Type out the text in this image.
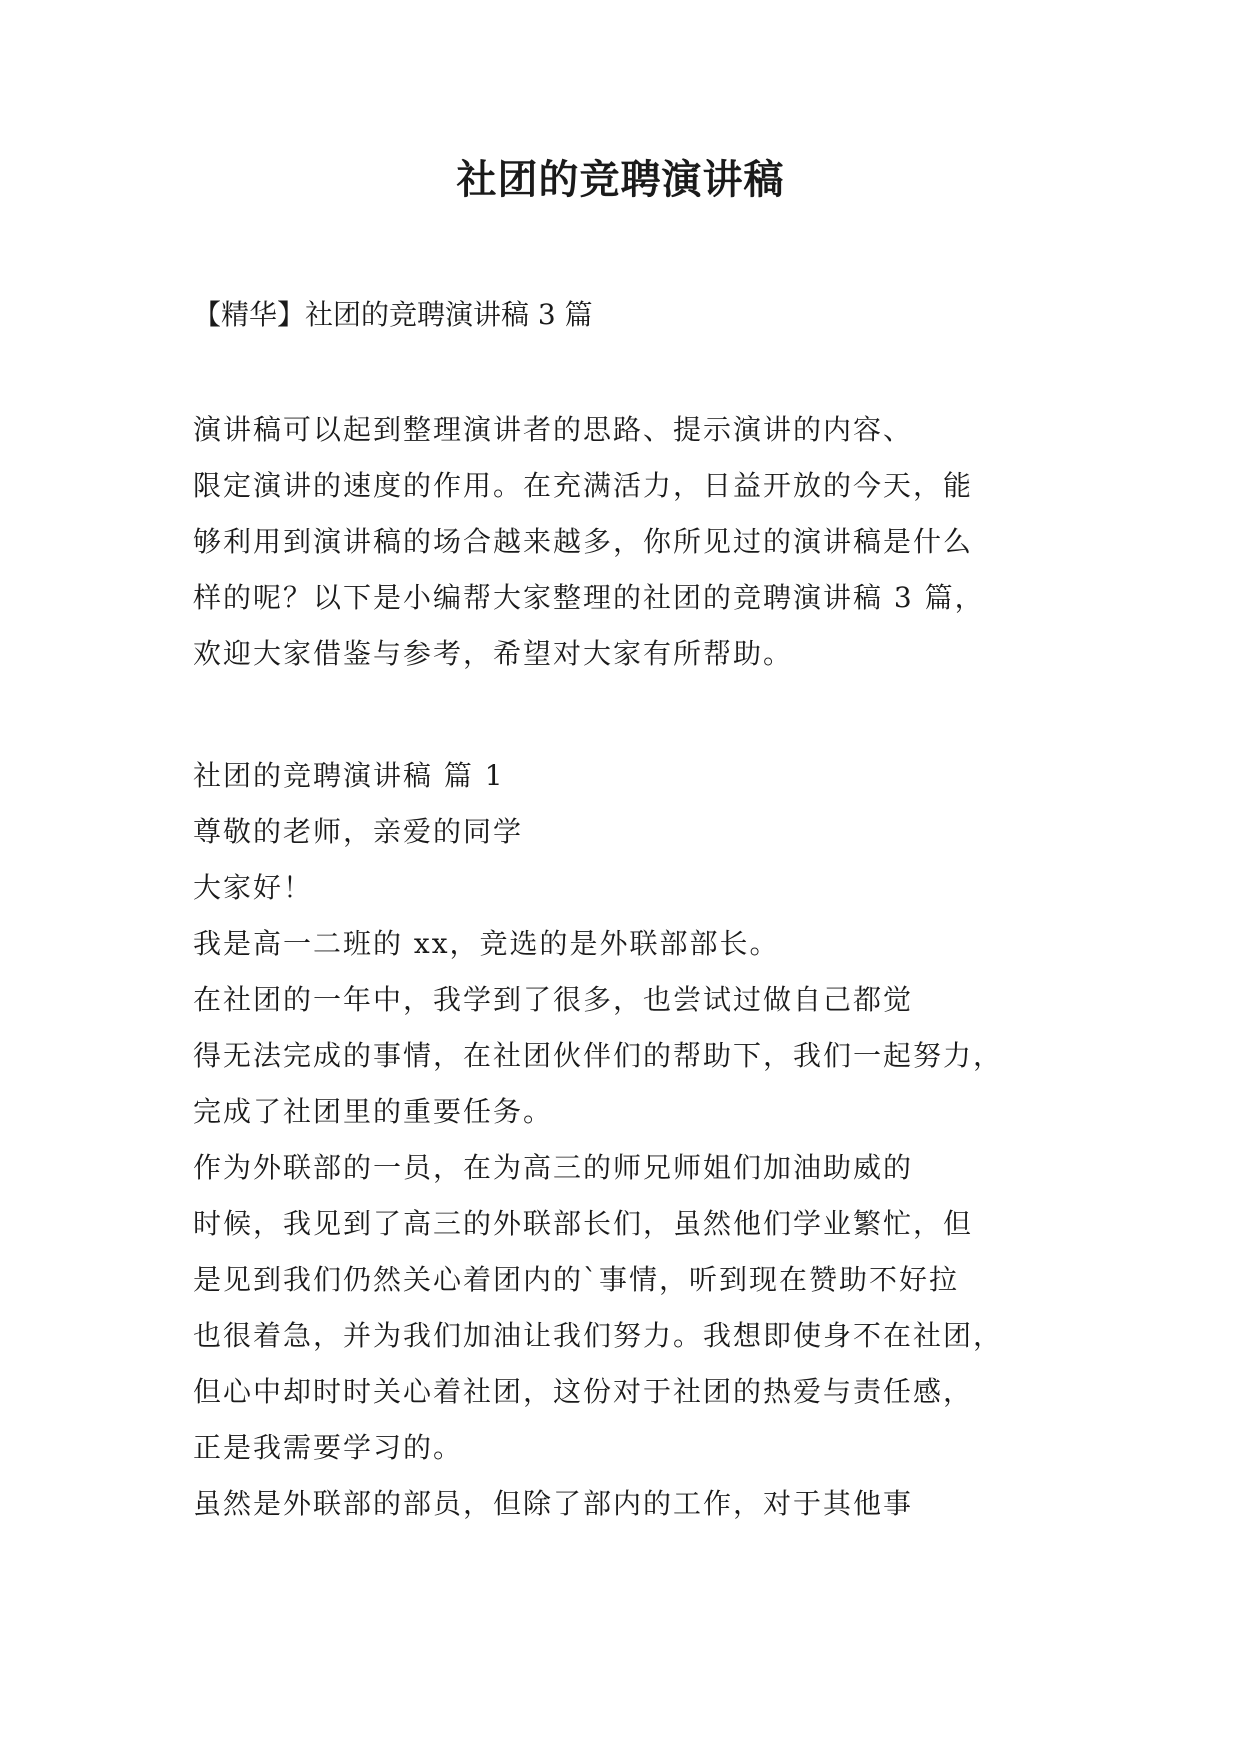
社团的竞聘演讲稿
【精华】社团的竞聘演讲稿 3 篇
演讲稿可以起到整理演讲者的思路、提示演讲的内容、
限定演讲的速度的作用。在充满活力，日益开放的今天，能
够利用到演讲稿的场合越来越多，你所见过的演讲稿是什么
样的呢？以下是小编帮大家整理的社团的竞聘演讲稿 3 篇，
欢迎大家借鉴与参考，希望对大家有所帮助。
社团的竞聘演讲稿 篇 1
尊敬的老师，亲爱的同学
大家好！
我是高一二班的 xx，竞选的是外联部部长。
在社团的一年中，我学到了很多，也尝试过做自己都觉
得无法完成的事情，在社团伙伴们的帮助下，我们一起努力，
完成了社团里的重要任务。
作为外联部的一员，在为高三的师兄师姐们加油助威的
时候，我见到了高三的外联部长们，虽然他们学业繁忙，但
是见到我们仍然关心着团内的`事情，听到现在赞助不好拉
也很着急，并为我们加油让我们努力。我想即使身不在社团，
但心中却时时关心着社团，这份对于社团的热爱与责任感，
正是我需要学习的。
虽然是外联部的部员，但除了部内的工作，对于其他事
